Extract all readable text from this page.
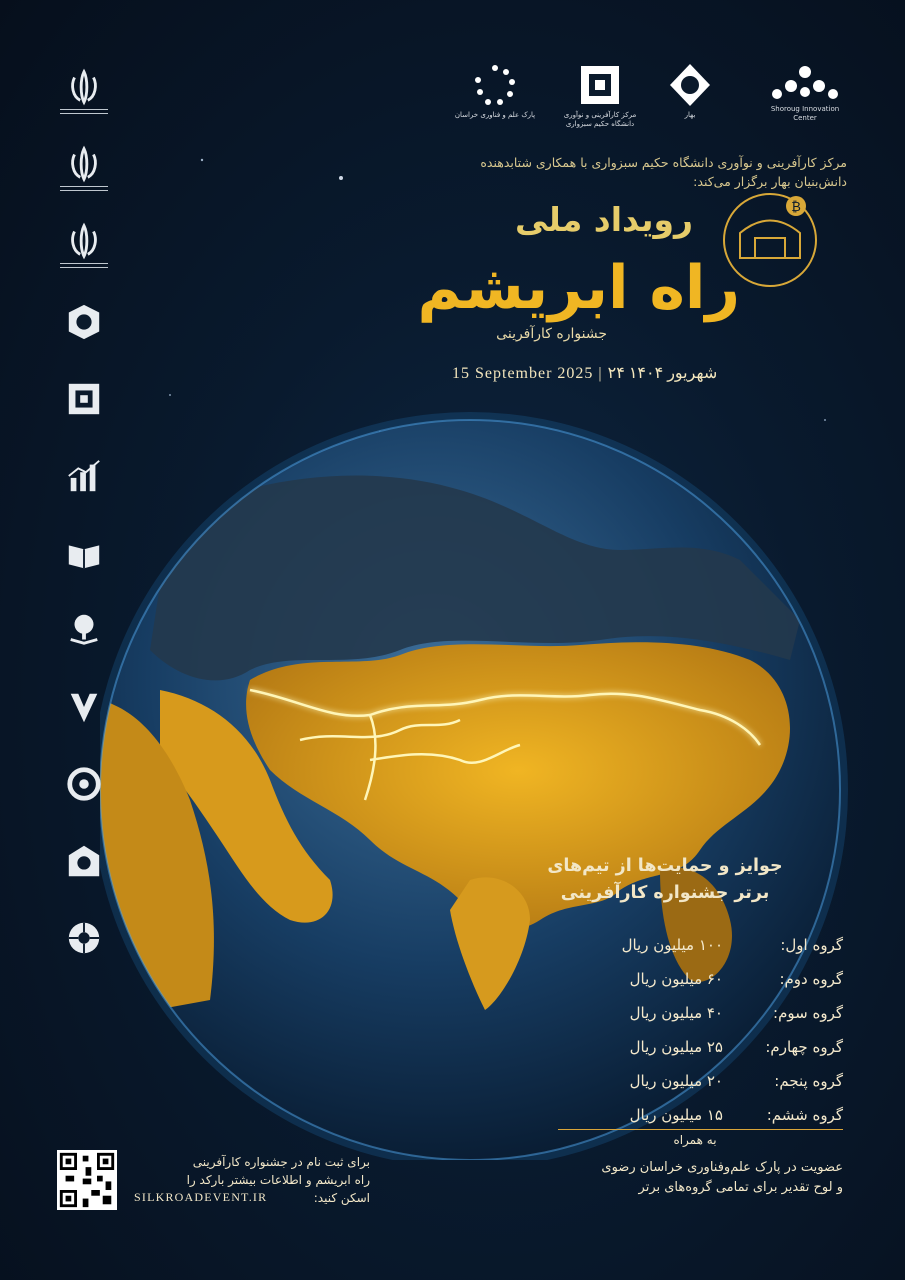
Shoroug Innovation Center
بهار
مرکز کارآفرینی و نوآوری دانشگاه حکیم سبزواری
پارک علم و فناوری خراسان
مرکز کارآفرینی و نوآوری دانشگاه حکیم سبزواری با همکاری شتابدهنده دانش‌بنیان بهار برگزار می‌کند:
رویداد ملی	₿
راه ابریشم
جشنواره کارآفرینی
15 September 2025 | ۲۴ شهریور ۱۴۰۴
جوایز و حمایت‌ها از تیم‌های
برتر جشنواره کارآفرینی
گروه اول:
۱۰۰ میلیون ریال
گروه دوم:
۶۰ میلیون ریال
گروه سوم:
۴۰ میلیون ریال
گروه چهارم:
۲۵ میلیون ریال
گروه پنجم:
۲۰ میلیون ریال
گروه ششم:
۱۵ میلیون ریال
به همراه
عضویت در پارک علم‌وفناوری خراسان رضوی
و لوح تقدیر برای تمامی گروه‌های برتر
برای ثبت نام در جشنواره کارآفرینی
راه ابریشم و اطلاعات بیشتر بارکد را
اسکن کنید:
SILKROADEVENT.IR
